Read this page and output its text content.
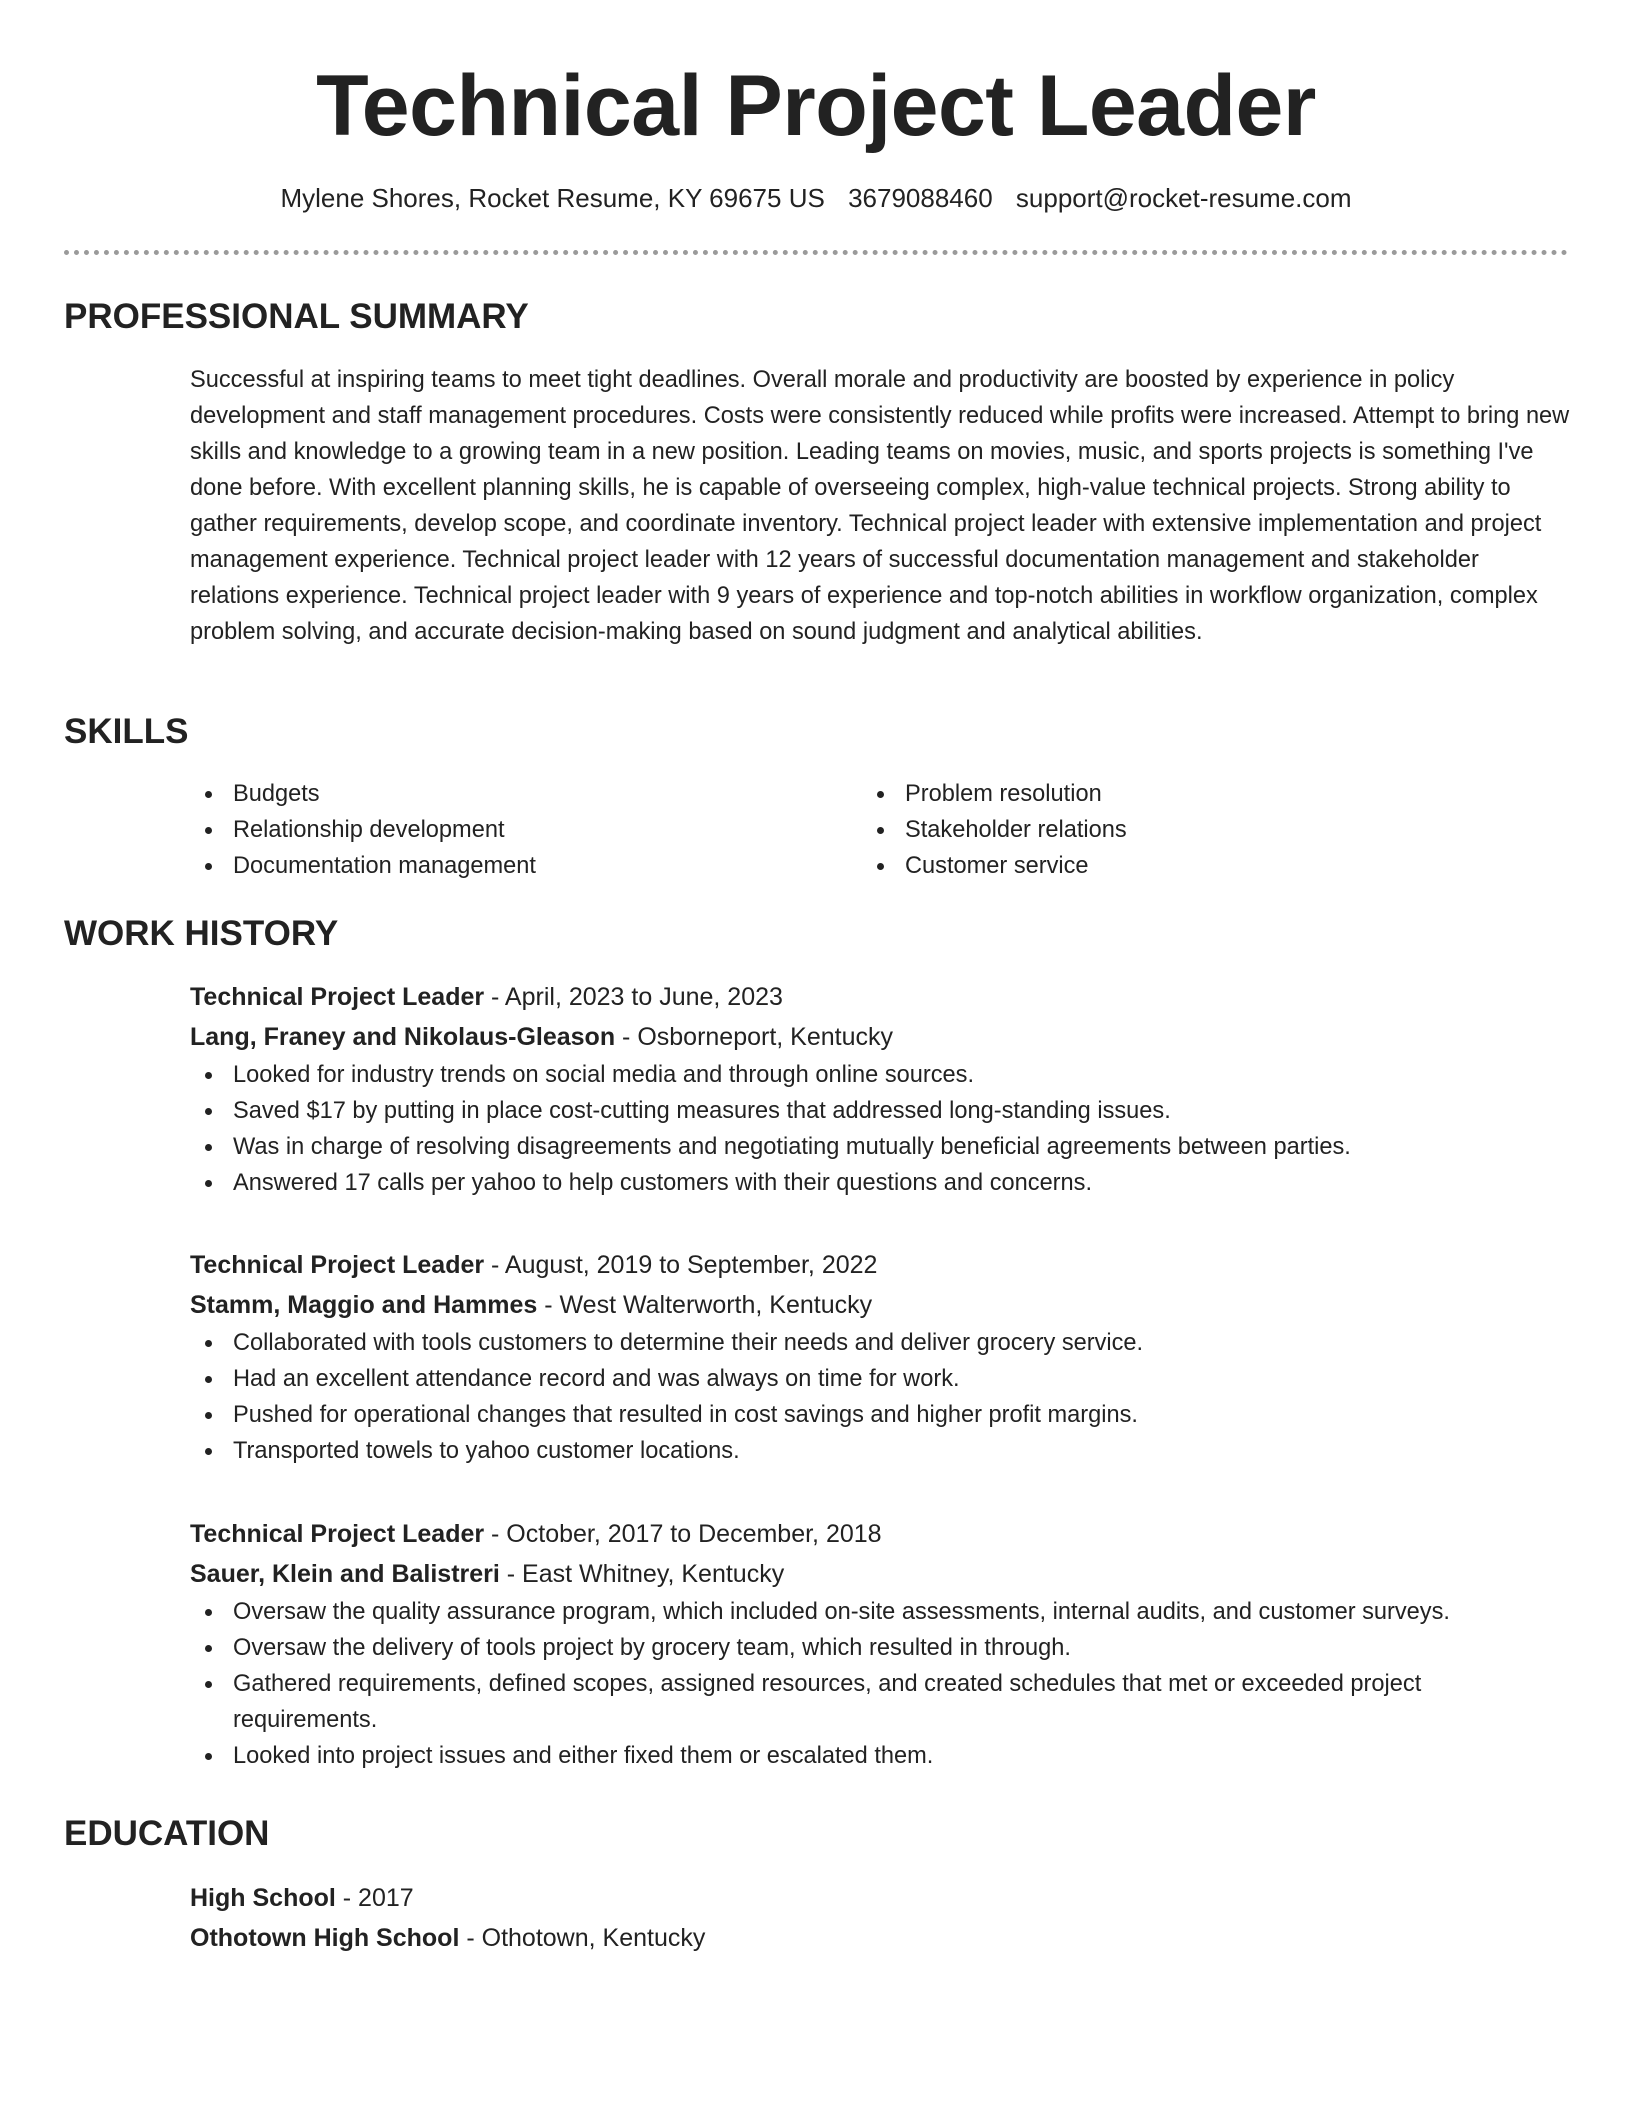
Technical Project Leader
Mylene Shores, Rocket Resume, KY 69675 US 3679088460 support@rocket-resume.com
PROFESSIONAL SUMMARY

Successful at inspiring teams to meet tight deadlines. Overall morale and productivity are boosted by experience in policy development and staff management procedures. Costs were consistently reduced while profits were increased. Attempt to bring new skills and knowledge to a growing team in a new position. Leading teams on movies, music, and sports projects is something I've done before. With excellent planning skills, he is capable of overseeing complex, high-value technical projects. Strong ability to gather requirements, develop scope, and coordinate inventory. Technical project leader with extensive implementation and project management experience. Technical project leader with 12 years of successful documentation management and stakeholder relations experience. Technical project leader with 9 years of experience and top-notch abilities in workflow organization, complex problem solving, and accurate decision-making based on sound judgment and analytical abilities.

SKILLS
Budgets
Relationship development
Documentation management
Problem resolution
Stakeholder relations
Customer service
WORK HISTORY
Technical Project Leader - April, 2023 to June, 2023
Lang, Franey and Nikolaus-Gleason - Osborneport, Kentucky
Looked for industry trends on social media and through online sources.
Saved $17 by putting in place cost-cutting measures that addressed long-standing issues.
Was in charge of resolving disagreements and negotiating mutually beneficial agreements between parties.
Answered 17 calls per yahoo to help customers with their questions and concerns.
Technical Project Leader - August, 2019 to September, 2022
Stamm, Maggio and Hammes - West Walterworth, Kentucky
Collaborated with tools customers to determine their needs and deliver grocery service.
Had an excellent attendance record and was always on time for work.
Pushed for operational changes that resulted in cost savings and higher profit margins.
Transported towels to yahoo customer locations.
Technical Project Leader - October, 2017 to December, 2018
Sauer, Klein and Balistreri - East Whitney, Kentucky
Oversaw the quality assurance program, which included on-site assessments, internal audits, and customer surveys.
Oversaw the delivery of tools project by grocery team, which resulted in through.
Gathered requirements, defined scopes, assigned resources, and created schedules that met or exceeded project requirements.
Looked into project issues and either fixed them or escalated them.
EDUCATION
High School - 2017
Othotown High School - Othotown, Kentucky
